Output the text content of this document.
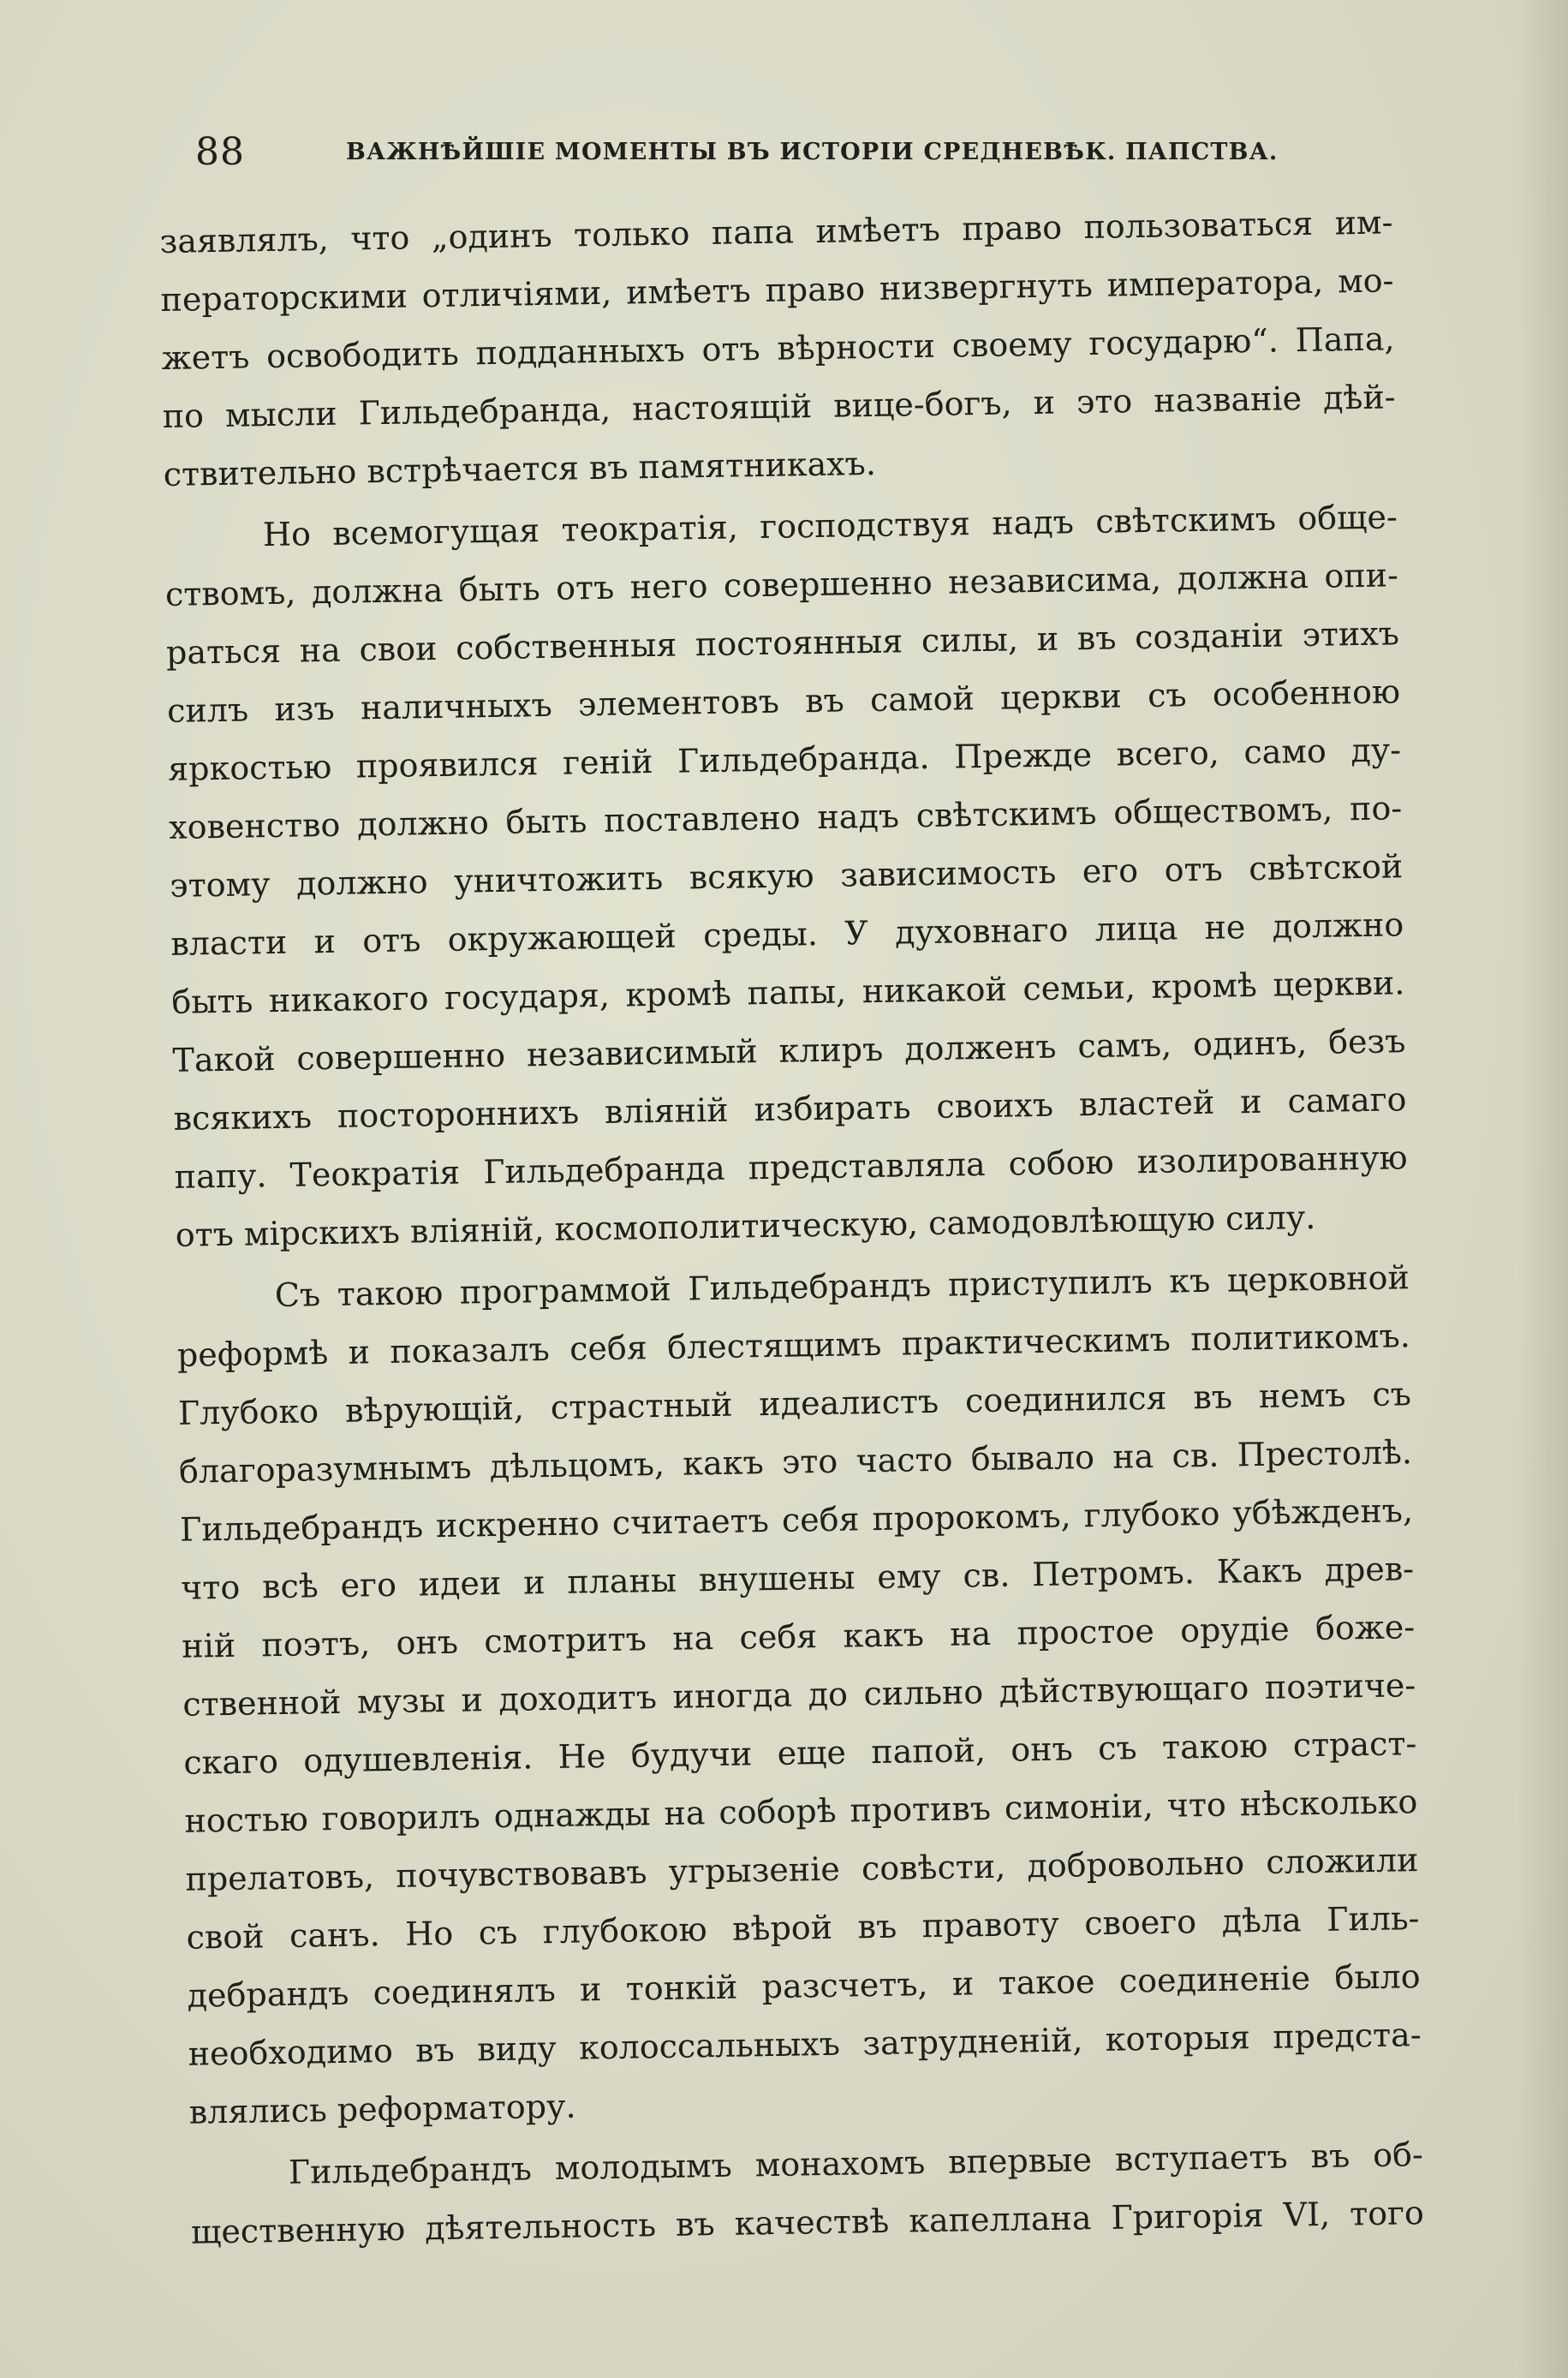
88	ВАЖНѢЙШІЕ МОМЕНТЫ ВЪ ИСТОРІИ СРЕДНЕВѢК. ПАПСТВА.
заявлялъ, что „одинъ только папа имѣетъ право пользоваться им-
ператорскими отличіями, имѣетъ право низвергнуть императора, мо-
жетъ освободить подданныхъ отъ вѣрности своему государю“. Папа,
по мысли Гильдебранда, настоящій вице-богъ, и это названіе дѣй-
ствительно встрѣчается въ памятникахъ.
Но всемогущая теократія, господствуя надъ свѣтскимъ обще-
ствомъ, должна быть отъ него совершенно независима, должна опи-
раться на свои собственныя постоянныя силы, и въ созданіи этихъ
силъ изъ наличныхъ элементовъ въ самой церкви съ особенною
яркостью проявился геній Гильдебранда. Прежде всего, само ду-
ховенство должно быть поставлено надъ свѣтскимъ обществомъ, по-
этому должно уничтожить всякую зависимость его отъ свѣтской
власти и отъ окружающей среды. У духовнаго лица не должно
быть никакого государя, кромѣ папы, никакой семьи, кромѣ церкви.
Такой совершенно независимый клиръ долженъ самъ, одинъ, безъ
всякихъ постороннихъ вліяній избирать своихъ властей и самаго
папу. Теократія Гильдебранда представляла собою изолированную
отъ мірскихъ вліяній, космополитическую, самодовлѣющую силу.
Съ такою программой Гильдебрандъ приступилъ къ церковной
реформѣ и показалъ себя блестящимъ практическимъ политикомъ.
Глубоко вѣрующій, страстный идеалистъ соединился въ немъ съ
благоразумнымъ дѣльцомъ, какъ это часто бывало на св. Престолѣ.
Гильдебрандъ искренно считаетъ себя пророкомъ, глубоко убѣжденъ,
что всѣ его идеи и планы внушены ему св. Петромъ. Какъ древ-
ній поэтъ, онъ смотритъ на себя какъ на простое орудіе боже-
ственной музы и доходитъ иногда до сильно дѣйствующаго поэтиче-
скаго одушевленія. Не будучи еще папой, онъ съ такою страст-
ностью говорилъ однажды на соборѣ противъ симоніи, что нѣсколько
прелатовъ, почувствовавъ угрызеніе совѣсти, добровольно сложили
свой санъ. Но съ глубокою вѣрой въ правоту своего дѣла Гиль-
дебрандъ соединялъ и тонкій разсчетъ, и такое соединеніе было
необходимо въ виду колоссальныхъ затрудненій, которыя предста-
влялись реформатору.
Гильдебрандъ молодымъ монахомъ впервые вступаетъ въ об-
щественную дѣятельность въ качествѣ капеллана Григорія VI, того
